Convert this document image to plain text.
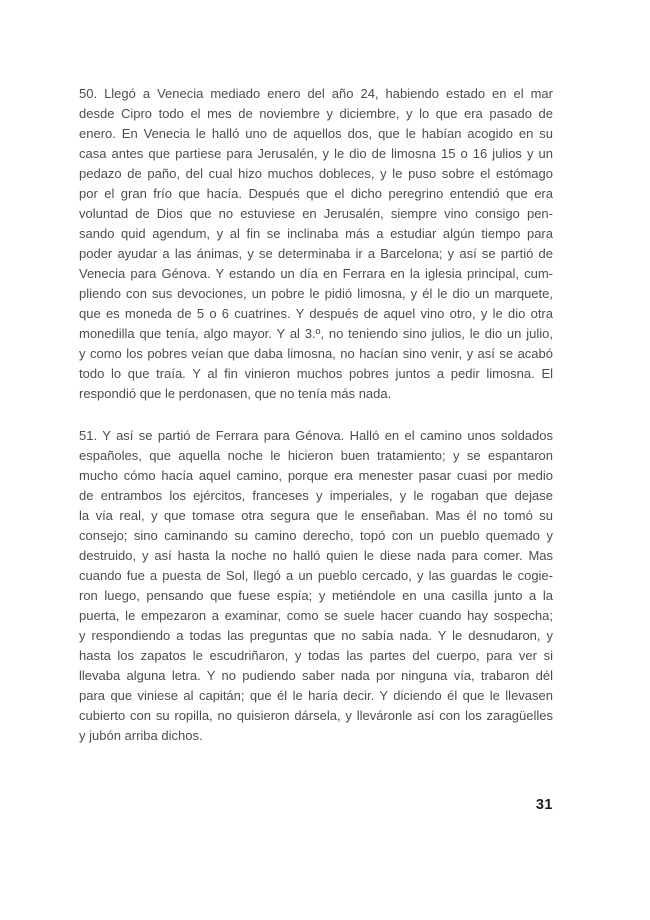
50. Llegó a Venecia mediado enero del año 24, habiendo estado en el mar
desde Cipro todo el mes de noviembre y diciembre, y lo que era pasado de
enero. En Venecia le halló uno de aquellos dos, que le habían acogido en su
casa antes que partiese para Jerusalén, y le dio de limosna 15 o 16 julios y un
pedazo de paño, del cual hizo muchos dobleces, y le puso sobre el estómago
por el gran frío que hacía. Después que el dicho peregrino entendió que era
voluntad de Dios que no estuviese en Jerusalén, siempre vino consigo pen-
sando quid agendum, y al fin se inclinaba más a estudiar algún tiempo para
poder ayudar a las ánimas, y se determinaba ir a Barcelona; y así se partió de
Venecia para Génova. Y estando un día en Ferrara en la iglesia principal, cum-
pliendo con sus devociones, un pobre le pidió limosna, y él le dio un marquete,
que es moneda de 5 o 6 cuatrines. Y después de aquel vino otro, y le dio otra
monedilla que tenía, algo mayor. Y al 3.º, no teniendo sino julios, le dio un julio,
y como los pobres veían que daba limosna, no hacían sino venir, y así se acabó
todo lo que traía. Y al fin vinieron muchos pobres juntos a pedir limosna. El
respondió que le perdonasen, que no tenía más nada.
51. Y así se partió de Ferrara para Génova. Halló en el camino unos soldados
españoles, que aquella noche le hicieron buen tratamiento; y se espantaron
mucho cómo hacía aquel camino, porque era menester pasar cuasi por medio
de entrambos los ejércitos, franceses y imperiales, y le rogaban que dejase
la vía real, y que tomase otra segura que le enseñaban. Mas él no tomó su
consejo; sino caminando su camino derecho, topó con un pueblo quemado y
destruido, y así hasta la noche no halló quien le diese nada para comer. Mas
cuando fue a puesta de Sol, llegó a un pueblo cercado, y las guardas le cogie-
ron luego, pensando que fuese espía; y metiéndole en una casilla junto a la
puerta, le empezaron a examinar, como se suele hacer cuando hay sospecha;
y respondiendo a todas las preguntas que no sabía nada. Y le desnudaron, y
hasta los zapatos le escudriñaron, y todas las partes del cuerpo, para ver si
llevaba alguna letra. Y no pudiendo saber nada por ninguna vía, trabaron dél
para que viniese al capitán; que él le haría decir. Y diciendo él que le llevasen
cubierto con su ropilla, no quisieron dársela, y lleváronle así con los zaragüelles
y jubón arriba dichos.
31
